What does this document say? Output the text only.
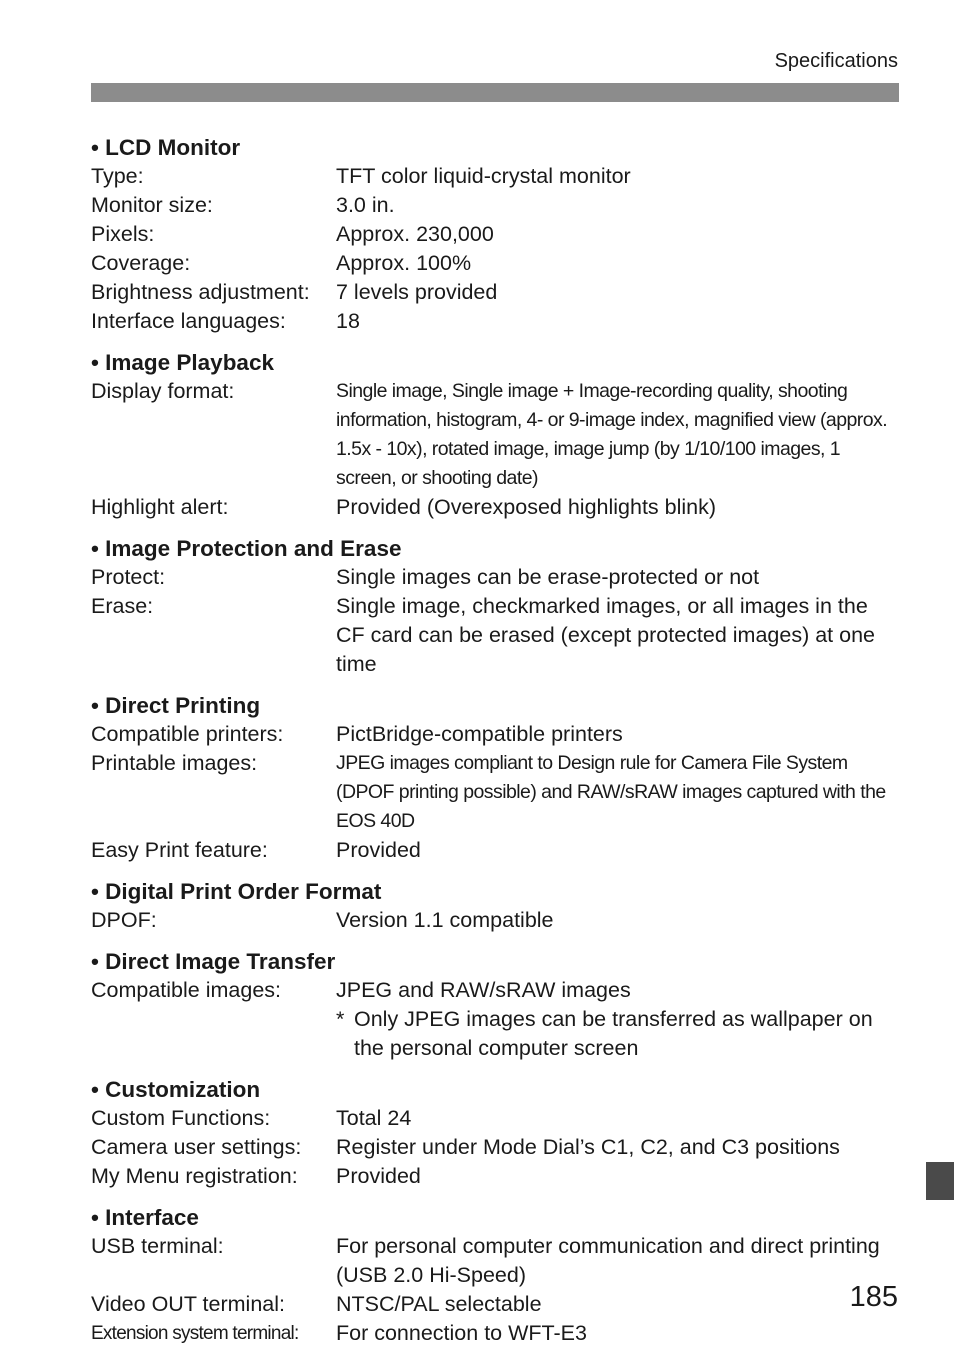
Specifications
• LCD Monitor
Type:	TFT color liquid-crystal monitor
Monitor size:	3.0 in.
Pixels:	Approx. 230,000
Coverage:	Approx. 100%
Brightness adjustment:	7 levels provided
Interface languages:	18
• Image Playback
Display format:	Single image, Single image + Image-recording quality, shooting information, histogram, 4- or 9-image index, magnified view (approx. 1.5x - 10x), rotated image, image jump (by 1/10/100 images, 1 screen, or shooting date)
Highlight alert:	Provided (Overexposed highlights blink)
• Image Protection and Erase
Protect:	Single images can be erase-protected or not
Erase:	Single image, checkmarked images, or all images in the CF card can be erased (except protected images) at one time
• Direct Printing
Compatible printers:	PictBridge-compatible printers
Printable images:	JPEG images compliant to Design rule for Camera File System (DPOF printing possible) and RAW/sRAW images captured with the EOS 40D
Easy Print feature:	Provided
• Digital Print Order Format
DPOF:	Version 1.1 compatible
• Direct Image Transfer
Compatible images:	JPEG and RAW/sRAW images
* Only JPEG images can be transferred as wallpaper on the personal computer screen
• Customization
Custom Functions:	Total 24
Camera user settings:	Register under Mode Dial’s C1, C2, and C3 positions
My Menu registration:	Provided
• Interface
USB terminal:	For personal computer communication and direct printing (USB 2.0 Hi-Speed)
Video OUT terminal:	NTSC/PAL selectable
Extension system terminal:	For connection to WFT-E3
185
